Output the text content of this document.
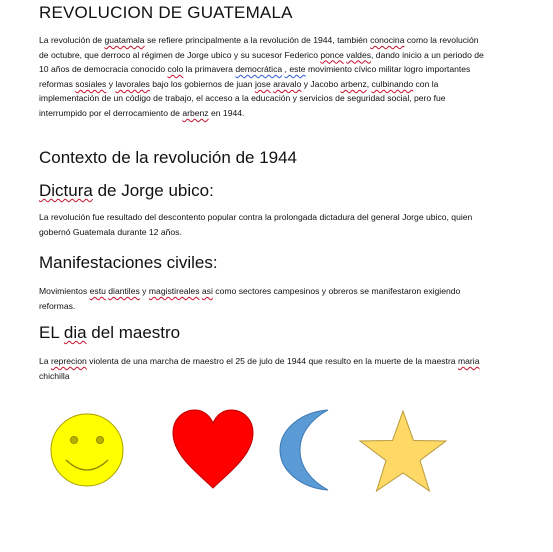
REVOLUCION DE GUATEMALA

La revolución de guatamala se refiere principalmente a la revolución de 1944, también conocina como la revolución de octubre, que derroco al régimen de Jorge ubico y su sucesor Federico ponce valdes, dando inicio a un periodo de 10 años de democracia conocido colo la primavera democrática , este movimiento cívico militar logro importantes reformas sosiales y lavorales bajo los gobiernos de juan jose aravalo y Jacobo arbenz, culbinando con la implementación de un código de trabajo, el acceso a la educación y servicios de seguridad social, pero fue interrumpido por el derrocamiento de arbenz en 1944.

Contexto de la revolución de 1944
Dictura de Jorge ubico:

La revolución fue resultado del descontento popular contra la prolongada dictadura del general Jorge ubico, quien gobernó Guatemala durante 12 años.

Manifestaciones civiles:

Movimientos estu diantiles y magistireales asi como sectores campesinos y obreros se manifestaron exigiendo reformas.

EL dia del maestro

La reprecion violenta de una marcha de maestro el 25 de julo de 1944 que resulto en la muerte de la maestra maria chichilla
